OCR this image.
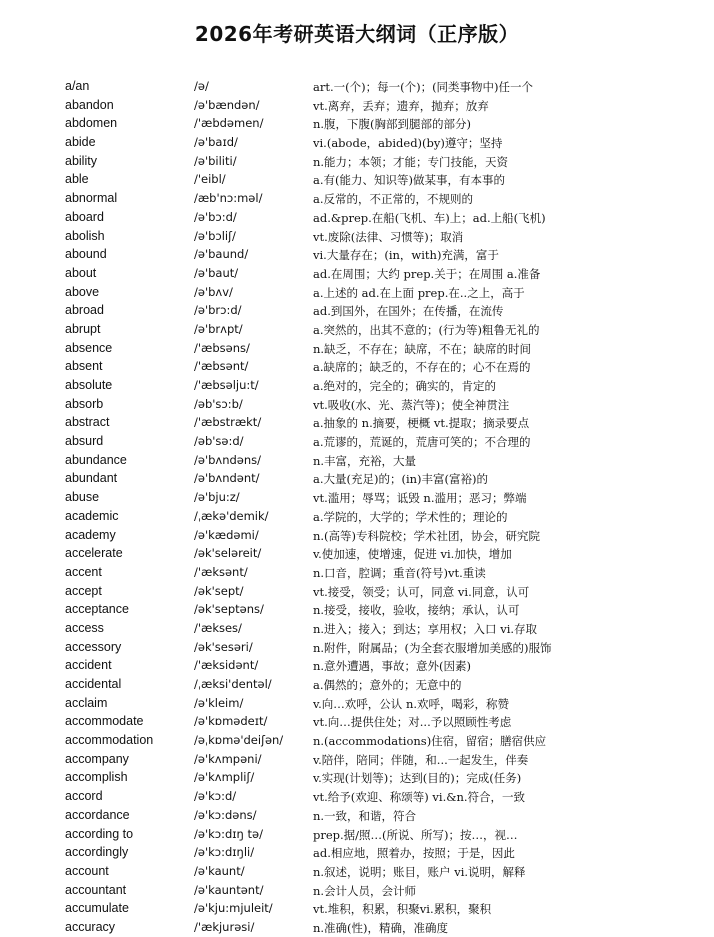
2026年考研英语大纲词（正序版）
a/an	/ə/	art.一(个)；每一(个)；(同类事物中)任一个
abandon	/ə'bændən/	vt.离弃，丢弃；遗弃，抛弃；放弃
abdomen	/'æbdəmen/	n.腹，下腹(胸部到腿部的部分)
abide	/ə'baɪd/	vi.(abode，abided)(by)遵守；坚持
ability	/ə'biliti/	n.能力；本领；才能；专门技能，天资
able	/'eibl/	a.有(能力、知识等)做某事，有本事的
abnormal	/æb'nɔ:məl/	a.反常的，不正常的，不规则的
aboard	/ə'bɔ:d/	ad.&prep.在船(飞机、车)上；ad.上船(飞机)
abolish	/ə'bɔliʃ/	vt.废除(法律、习惯等)；取消
abound	/ə'baund/	vi.大量存在；(in，with)充满，富于
about	/ə'baut/	ad.在周围；大约 prep.关于；在周围 a.准备
above	/ə'bʌv/	a.上述的 ad.在上面 prep.在..之上，高于
abroad	/ə'brɔ:d/	ad.到国外，在国外；在传播，在流传
abrupt	/ə'brʌpt/	a.突然的，出其不意的；(行为等)粗鲁无礼的
absence	/'æbsəns/	n.缺乏，不存在；缺席，不在；缺席的时间
absent	/'æbsənt/	a.缺席的；缺乏的，不存在的；心不在焉的
absolute	/'æbsəlju:t/	a.绝对的，完全的；确实的，肯定的
absorb	/əb'sɔ:b/	vt.吸收(水、光、蒸汽等)；使全神贯注
abstract	/'æbstrækt/	a.抽象的 n.摘要，梗概 vt.提取；摘录要点
absurd	/əb'sə:d/	a.荒谬的，荒诞的，荒唐可笑的；不合理的
abundance	/ə'bʌndəns/	n.丰富，充裕，大量
abundant	/ə'bʌndənt/	a.大量(充足)的；(in)丰富(富裕)的
abuse	/ə'bju:z/	vt.滥用；辱骂；诋毁 n.滥用；恶习；弊端
academic	/ˌækə'demik/	a.学院的，大学的；学术性的；理论的
academy	/ə'kædəmi/	n.(高等)专科院校；学术社团，协会，研究院
accelerate	/ək'seləreit/	v.使加速，使增速，促进 vi.加快，增加
accent	/'æksənt/	n.口音，腔调；重音(符号)vt.重读
accept	/ək'sept/	vt.接受，领受；认可，同意 vi.同意，认可
acceptance	/ək'septəns/	n.接受，接收，验收，接纳；承认，认可
access	/'ækses/	n.进入；接入；到达；享用权；入口 vi.存取
accessory	/ək'sesəri/	n.附件，附属品；(为全套衣服增加美感的)服饰
accident	/'æksidənt/	n.意外遭遇，事故；意外(因素)
accidental	/ˌæksi'dentəl/	a.偶然的；意外的；无意中的
acclaim	/ə'kleim/	v.向…欢呼，公认 n.欢呼，喝彩，称赞
accommodate	/ə'kɒmədeɪt/	vt.向…提供住处；对...予以照顾性考虑
accommodation	/əˌkɒmə'deiʃən/	n.(accommodations)住宿，留宿；膳宿供应
accompany	/ə'kʌmpəni/	v.陪伴，陪同；伴随，和...一起发生，伴奏
accomplish	/ə'kʌmpliʃ/	v.实现(计划等)；达到(目的)；完成(任务)
accord	/ə'kɔ:d/	vt.给予(欢迎、称颂等) vi.&n.符合，一致
accordance	/ə'kɔ:dəns/	n.一致，和谐，符合
according to	/ə'kɔ:dɪŋ tə/	prep.据/照…(所说、所写)；按…，视…
accordingly	/ə'kɔ:dɪŋli/	ad.相应地，照着办，按照；于是，因此
account	/ə'kaunt/	n.叙述，说明；账目，账户 vi.说明，解释
accountant	/ə'kauntənt/	n.会计人员，会计师
accumulate	/ə'kju:mjuleit/	vt.堆积，积累，积聚vi.累积，聚积
accuracy	/'ækjurəsi/	n.准确(性)，精确，准确度
